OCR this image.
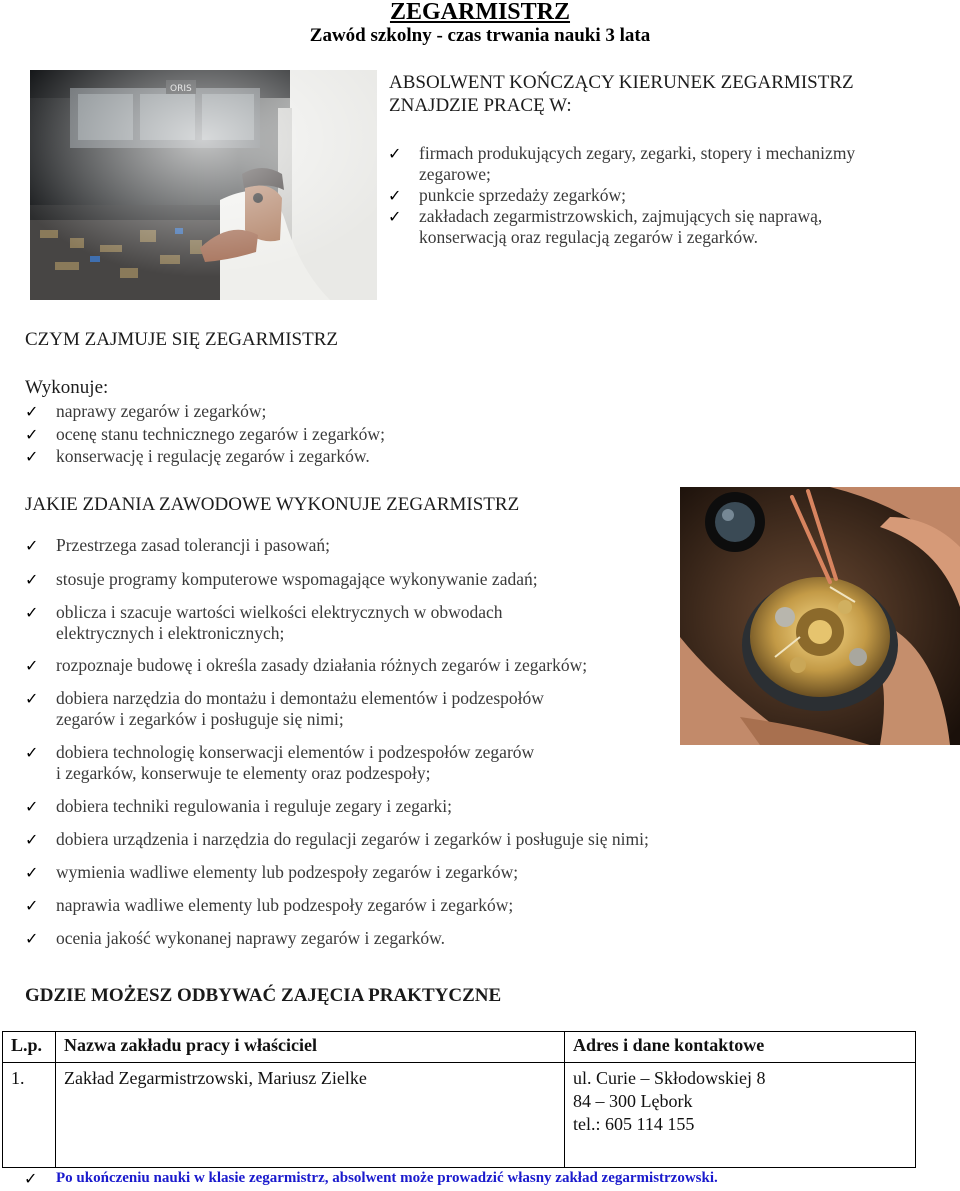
ZEGARMISTRZ
Zawód szkolny - czas trwania nauki 3 lata
ABSOLWENT KOŃCZĄCY KIERUNEK ZEGARMISTRZ
ZNAJDZIE PRACĘ W:
✓ firmach produkujących zegary, zegarki, stopery i mechanizmy
zegarowe;
✓ punkcie sprzedaży zegarków;
✓ zakładach zegarmistrzowskich, zajmujących się naprawą,
konserwacją oraz regulacją zegarów i zegarków.
CZYM ZAJMUJE SIĘ ZEGARMISTRZ
Wykonuje:
✓ naprawy zegarów i zegarków;
✓ ocenę stanu technicznego zegarów i zegarków;
✓ konserwację i regulację zegarów i zegarków.
JAKIE ZDANIA ZAWODOWE WYKONUJE ZEGARMISTRZ
✓ Przestrzega zasad tolerancji i pasowań;
✓ stosuje programy komputerowe wspomagające wykonywanie zadań;
✓ oblicza i szacuje wartości wielkości elektrycznych w obwodach
elektrycznych i elektronicznych;
✓ rozpoznaje budowę i określa zasady działania różnych zegarów i zegarków;
✓ dobiera narzędzia do montażu i demontażu elementów i podzespołów
zegarów i zegarków i posługuje się nimi;
✓ dobiera technologię konserwacji elementów i podzespołów zegarów
i zegarków, konserwuje te elementy oraz podzespoły;
✓ dobiera techniki regulowania i reguluje zegary i zegarki;
✓ dobiera urządzenia i narzędzia do regulacji zegarów i zegarków i posługuje się nimi;
✓ wymienia wadliwe elementy lub podzespoły zegarów i zegarków;
✓ naprawia wadliwe elementy lub podzespoły zegarów i zegarków;
✓ ocenia jakość wykonanej naprawy zegarów i zegarków.
GDZIE MOŻESZ ODBYWAĆ ZAJĘCIA PRAKTYCZNE
L.p.	Nazwa zakładu pracy i właściciel	Adres i dane kontaktowe
1.	Zakład Zegarmistrzowski, Mariusz Zielke	ul. Curie – Skłodowskiej 8
84 – 300 Lębork
tel.: 605 114 155
✓ Po ukończeniu nauki w klasie zegarmistrz, absolwent może prowadzić własny zakład zegarmistrzowski.
